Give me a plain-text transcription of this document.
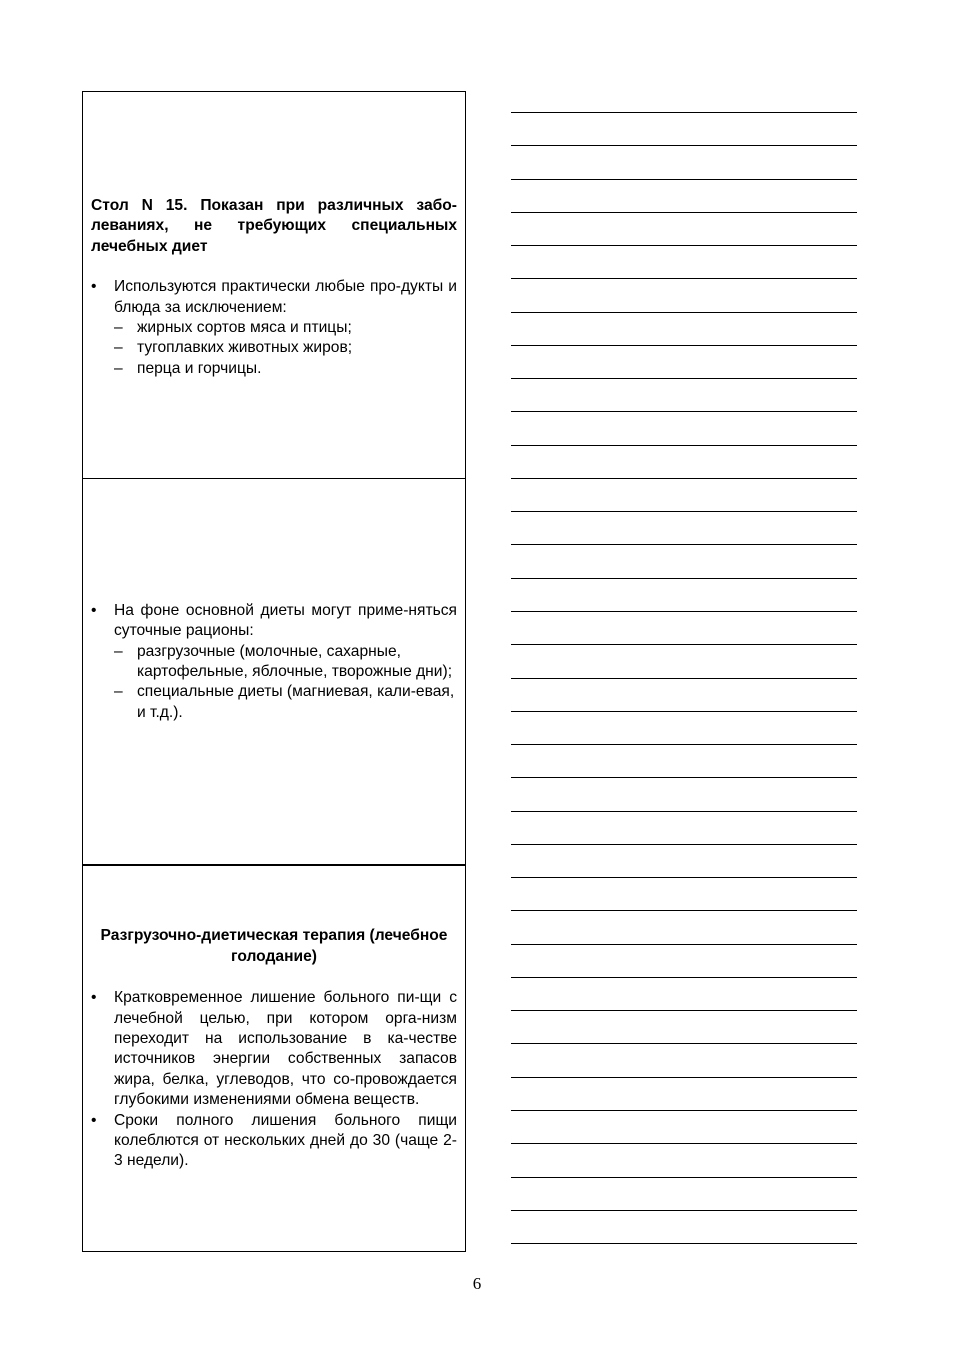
Стол N 15. Показан при различных забо-леваниях, не требующих специальных лечебных диет
• Используются практически любые про-дукты и блюда за исключением:
– жирных сортов мяса и птицы;
– тугоплавких животных жиров;
– перца и горчицы.
• На фоне основной диеты могут приме-няться суточные рационы:
– разгрузочные (молочные, сахарные, картофельные, яблочные, творожные дни);
– специальные диеты (магниевая, кали-евая, и т.д.).
Разгрузочно-диетическая терапия (лечебное голодание)
• Кратковременное лишение больного пи-щи с лечебной целью, при котором орга-низм переходит на использование в ка-честве источников энергии собственных запасов жира, белка, углеводов, что со-провождается глубокими изменениями обмена веществ.
• Сроки полного лишения больного пищи колеблются от нескольких дней до 30 (чаще 2-3 недели).
6
